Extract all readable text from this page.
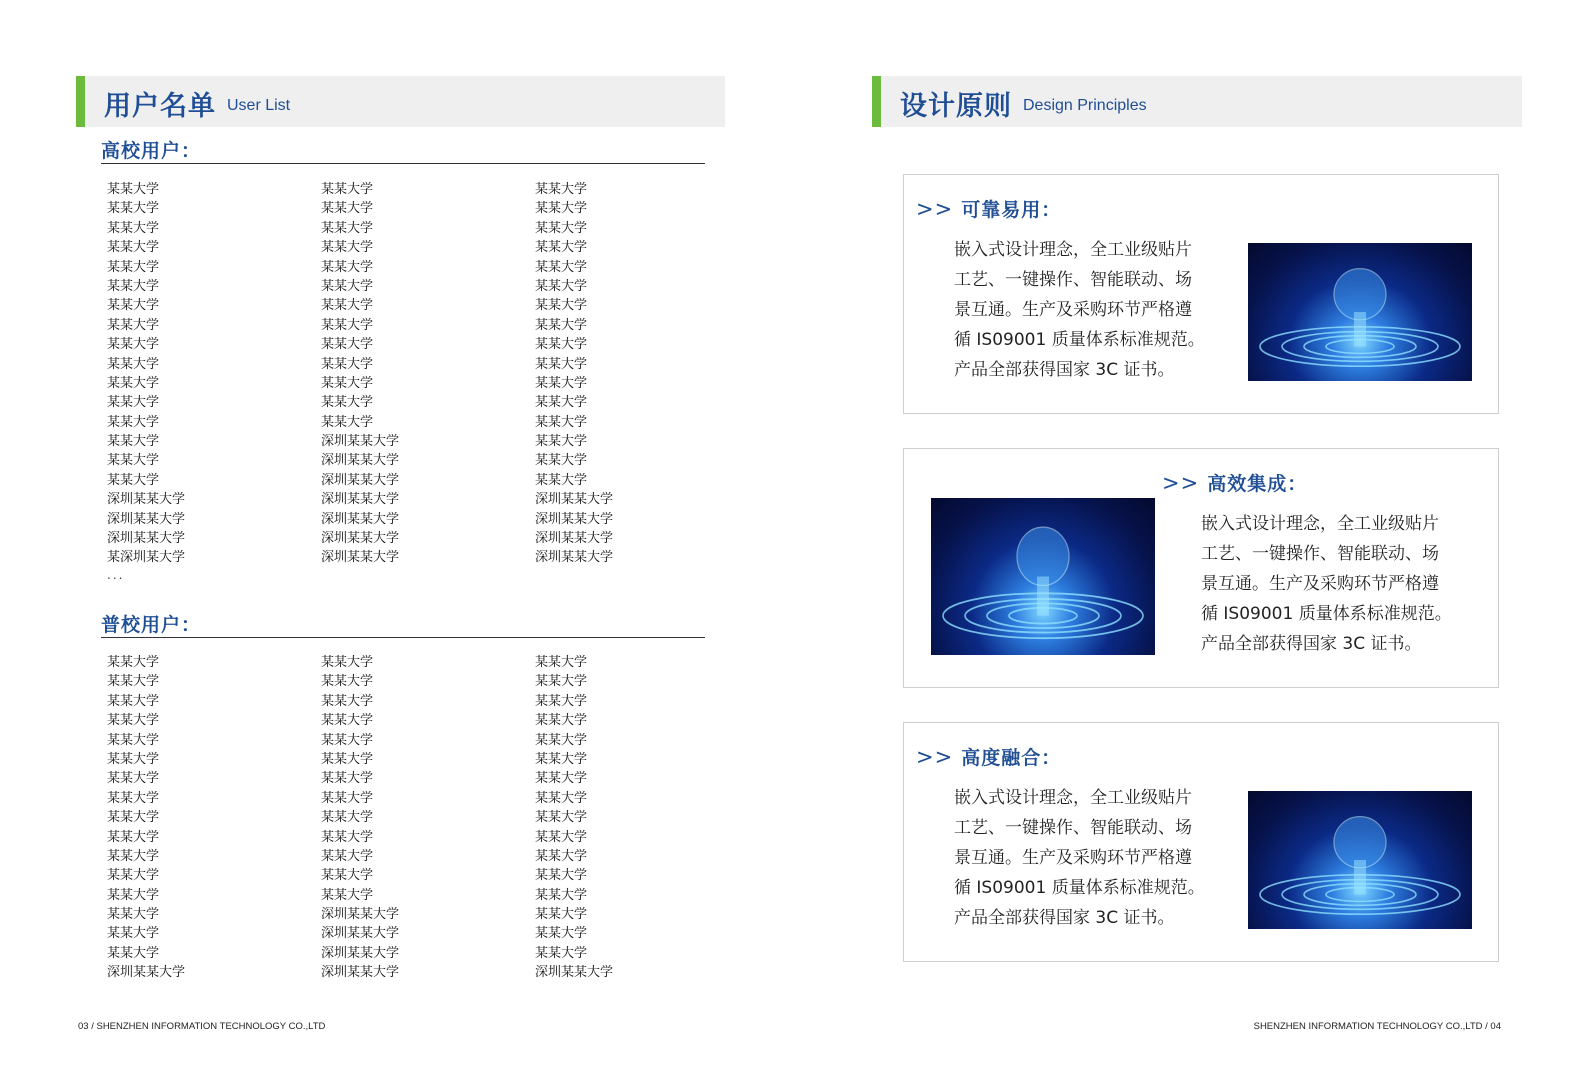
用户名单 User List
高校用户：
某某大学	某某大学	某某大学
某某大学	某某大学	某某大学
某某大学	某某大学	某某大学
某某大学	某某大学	某某大学
某某大学	某某大学	某某大学
某某大学	某某大学	某某大学
某某大学	某某大学	某某大学
某某大学	某某大学	某某大学
某某大学	某某大学	某某大学
某某大学	某某大学	某某大学
某某大学	某某大学	某某大学
某某大学	某某大学	某某大学
某某大学	某某大学	某某大学
某某大学	深圳某某大学	某某大学
某某大学	深圳某某大学	某某大学
某某大学	深圳某某大学	某某大学
深圳某某大学	深圳某某大学	深圳某某大学
深圳某某大学	深圳某某大学	深圳某某大学
深圳某某大学	深圳某某大学	深圳某某大学
某深圳某大学	深圳某某大学	深圳某某大学
...
普校用户：
某某大学	某某大学	某某大学
某某大学	某某大学	某某大学
某某大学	某某大学	某某大学
某某大学	某某大学	某某大学
某某大学	某某大学	某某大学
某某大学	某某大学	某某大学
某某大学	某某大学	某某大学
某某大学	某某大学	某某大学
某某大学	某某大学	某某大学
某某大学	某某大学	某某大学
某某大学	某某大学	某某大学
某某大学	某某大学	某某大学
某某大学	某某大学	某某大学
某某大学	深圳某某大学	某某大学
某某大学	深圳某某大学	某某大学
某某大学	深圳某某大学	某某大学
深圳某某大学	深圳某某大学	深圳某某大学
03 / SHENZHEN INFORMATION TECHNOLOGY CO.,LTD
设计原则 Design Principles
>> 可靠易用：
嵌入式设计理念，全工业级贴片
工艺、一键操作、智能联动、场
景互通。生产及采购环节严格遵
循 IS09001 质量体系标准规范。
产品全部获得国家 3C 证书。
>> 高效集成：
嵌入式设计理念，全工业级贴片
工艺、一键操作、智能联动、场
景互通。生产及采购环节严格遵
循 IS09001 质量体系标准规范。
产品全部获得国家 3C 证书。
>> 高度融合：
嵌入式设计理念，全工业级贴片
工艺、一键操作、智能联动、场
景互通。生产及采购环节严格遵
循 IS09001 质量体系标准规范。
产品全部获得国家 3C 证书。
SHENZHEN INFORMATION TECHNOLOGY CO.,LTD / 04
